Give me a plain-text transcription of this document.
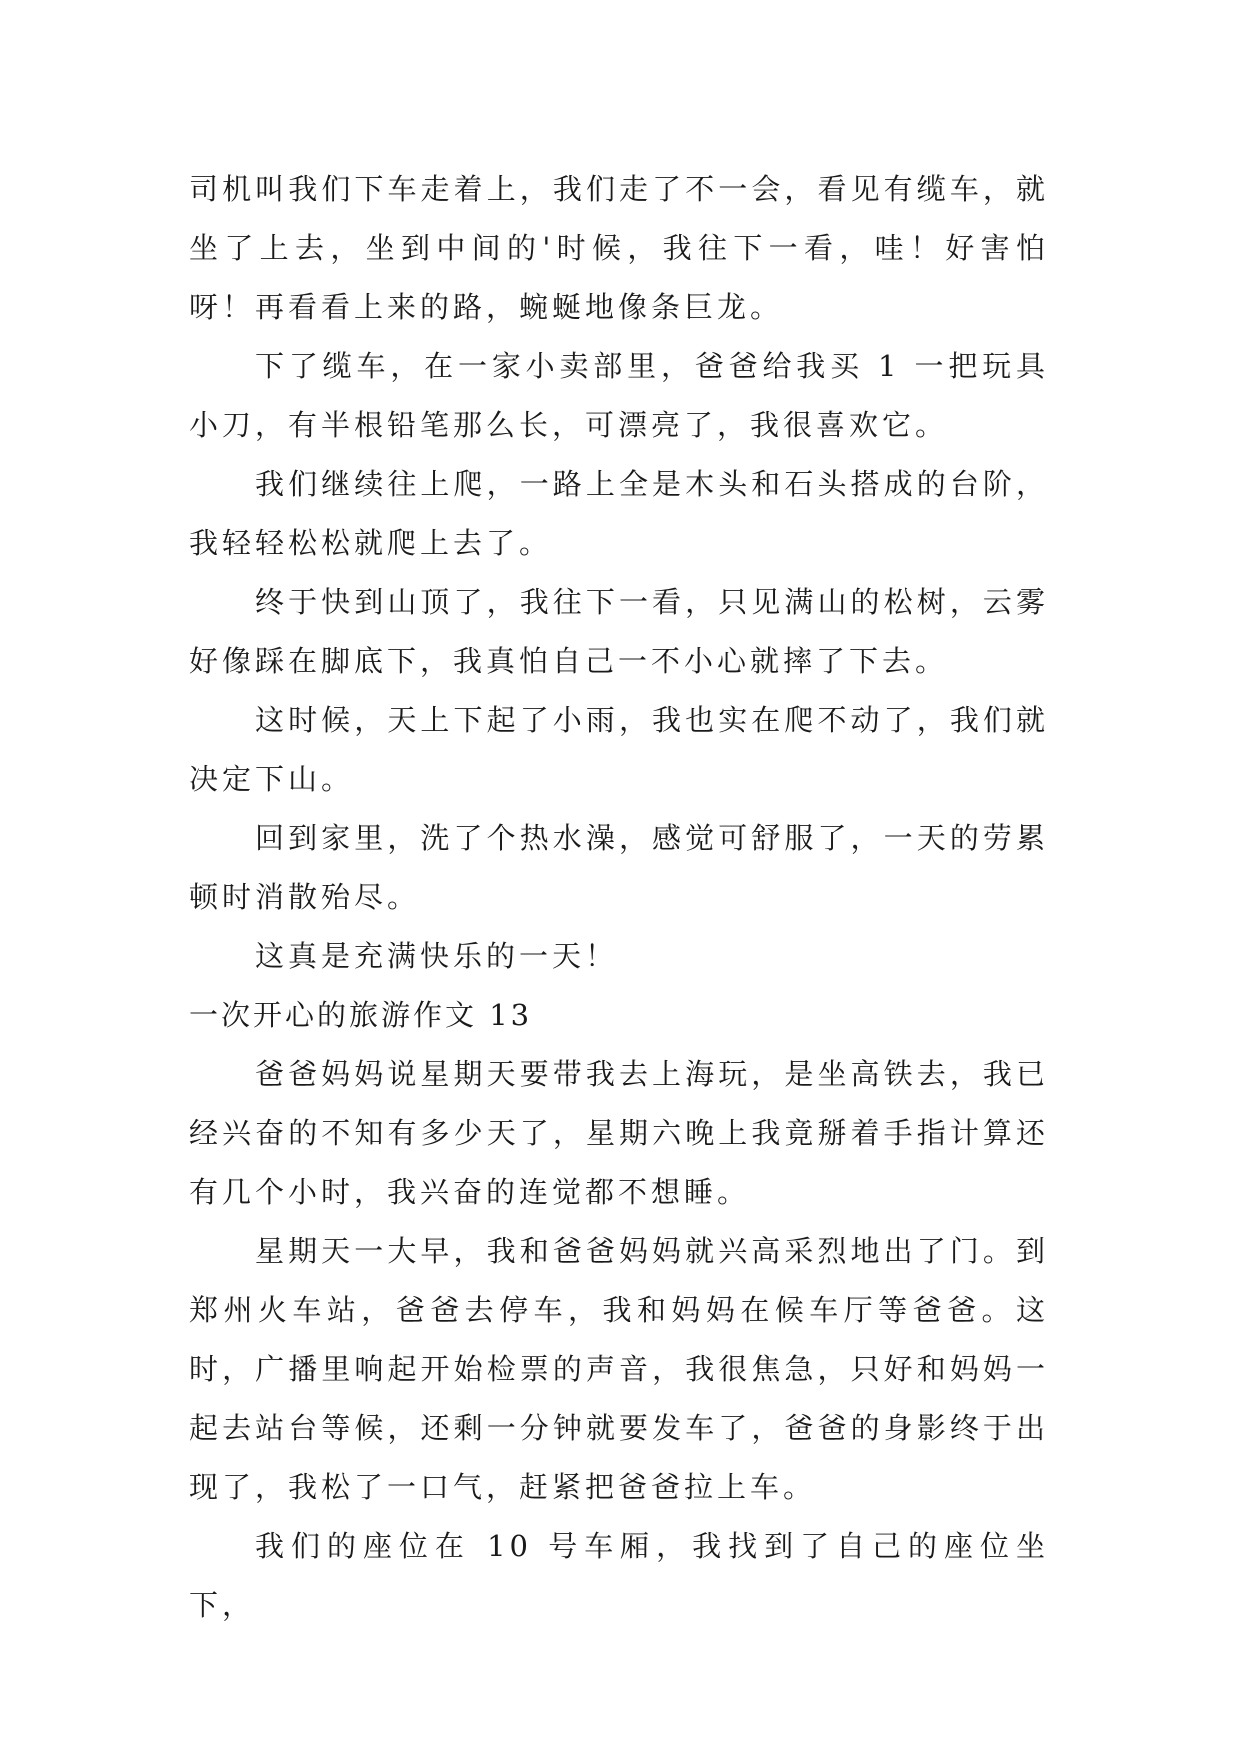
司机叫我们下车走着上，我们走了不一会，看见有缆车，就坐了上去，坐到中间的'时候，我往下一看，哇！好害怕呀！再看看上来的路，蜿蜒地像条巨龙。

下了缆车，在一家小卖部里，爸爸给我买 1 一把玩具小刀，有半根铅笔那么长，可漂亮了，我很喜欢它。

我们继续往上爬，一路上全是木头和石头搭成的台阶，我轻轻松松就爬上去了。

终于快到山顶了，我往下一看，只见满山的松树，云雾好像踩在脚底下，我真怕自己一不小心就摔了下去。

这时候，天上下起了小雨，我也实在爬不动了，我们就决定下山。

回到家里，洗了个热水澡，感觉可舒服了，一天的劳累顿时消散殆尽。

这真是充满快乐的一天！

一次开心的旅游作文 13

爸爸妈妈说星期天要带我去上海玩，是坐高铁去，我已经兴奋的不知有多少天了，星期六晚上我竟掰着手指计算还有几个小时，我兴奋的连觉都不想睡。

星期天一大早，我和爸爸妈妈就兴高采烈地出了门。到郑州火车站，爸爸去停车，我和妈妈在候车厅等爸爸。这时，广播里响起开始检票的声音，我很焦急，只好和妈妈一起去站台等候，还剩一分钟就要发车了，爸爸的身影终于出现了，我松了一口气，赶紧把爸爸拉上车。

我们的座位在 10 号车厢，我找到了自己的座位坐下，
